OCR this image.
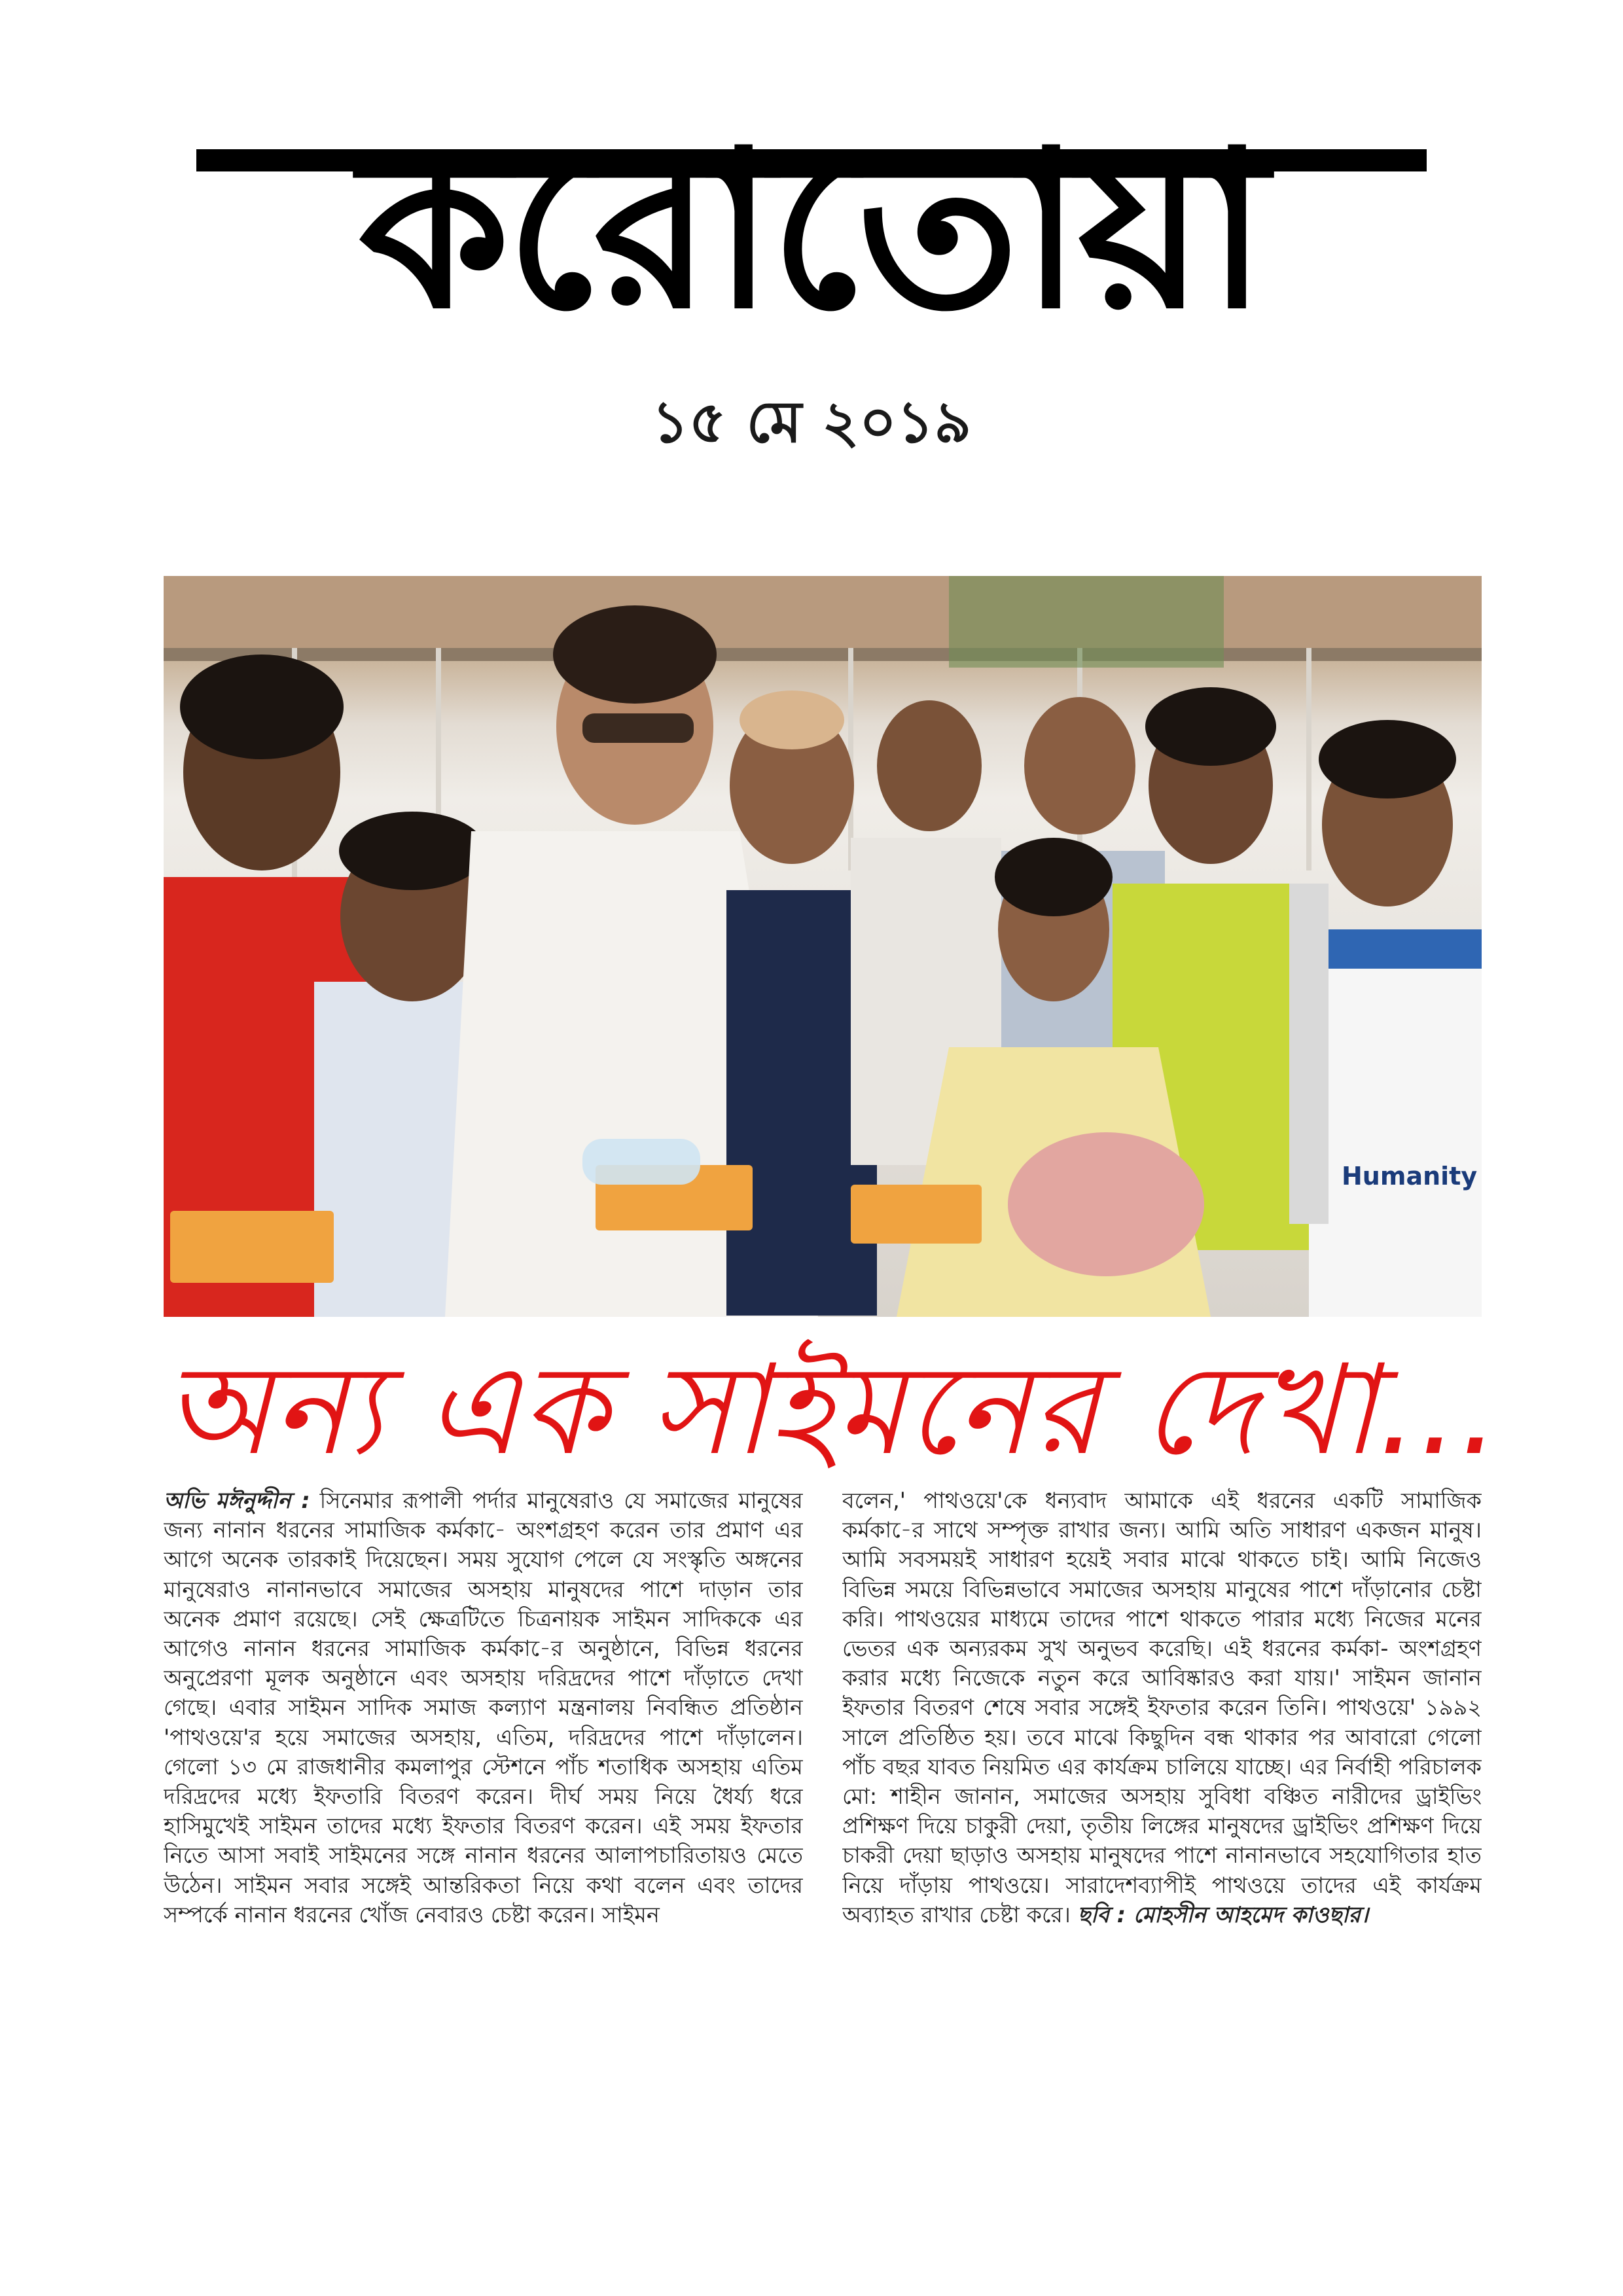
করোতোয়া
১৫ মে ২০১৯
Humanity
অন্য এক সাইমনের দেখা...
অভি মঈনুদ্দীন : সিনেমার রূপালী পর্দার মানুষেরাও যে সমাজের মানুষের জন্য নানান ধরনের সামাজিক কর্মকা-ে অংশগ্রহণ করেন তার প্রমাণ এর আগে অনেক তারকাই দিয়েছেন। সময় সুযোগ পেলে যে সংস্কৃতি অঙ্গনের মানুষেরাও নানানভাবে সমাজের অসহায় মানুষদের পাশে দাড়ান তার অনেক প্রমাণ রয়েছে। সেই ক্ষেত্রটিতে চিত্রনায়ক সাইমন সাদিককে এর আগেও নানান ধরনের সামাজিক কর্মকা-ের অনুষ্ঠানে, বিভিন্ন ধরনের অনুপ্রেরণা মূলক অনুষ্ঠানে এবং অসহায় দরিদ্রদের পাশে দাঁড়াতে দেখা গেছে। এবার সাইমন সাদিক সমাজ কল্যাণ মন্ত্রনালয় নিবন্ধিত প্রতিষ্ঠান 'পাথওয়ে'র হয়ে সমাজের অসহায়, এতিম, দরিদ্রদের পাশে দাঁড়ালেন। গেলো ১৩ মে রাজধানীর কমলাপুর স্টেশনে পাঁচ শতাধিক অসহায় এতিম দরিদ্রদের মধ্যে ইফতারি বিতরণ করেন। দীর্ঘ সময় নিয়ে ধৈর্য্য ধরে হাসিমুখেই সাইমন তাদের মধ্যে ইফতার বিতরণ করেন। এই সময় ইফতার নিতে আসা সবাই সাইমনের সঙ্গে নানান ধরনের আলাপচারিতায়ও মেতে উঠেন। সাইমন সবার সঙ্গেই আন্তরিকতা নিয়ে কথা বলেন এবং তাদের সম্পর্কে নানান ধরনের খোঁজ নেবারও চেষ্টা করেন। সাইমন
বলেন,' পাথওয়ে'কে ধন্যবাদ আমাকে এই ধরনের একটি সামাজিক কর্মকা-ের সাথে সম্পৃক্ত রাখার জন্য। আমি অতি সাধারণ একজন মানুষ। আমি সবসময়ই সাধারণ হয়েই সবার মাঝে থাকতে চাই। আমি নিজেও বিভিন্ন সময়ে বিভিন্নভাবে সমাজের অসহায় মানুষের পাশে দাঁড়ানোর চেষ্টা করি। পাথওয়ের মাধ্যমে তাদের পাশে থাকতে পারার মধ্যে নিজের মনের ভেতর এক অন্যরকম সুখ অনুভব করেছি। এই ধরনের কর্মকা- অংশগ্রহণ করার মধ্যে নিজেকে নতুন করে আবিষ্কারও করা যায়।' সাইমন জানান ইফতার বিতরণ শেষে সবার সঙ্গেই ইফতার করেন তিনি। পাথওয়ে' ১৯৯২ সালে প্রতিষ্ঠিত হয়। তবে মাঝে কিছুদিন বন্ধ থাকার পর আবারো গেলো পাঁচ বছর যাবত নিয়মিত এর কার্যক্রম চালিয়ে যাচ্ছে। এর নির্বাহী পরিচালক মো: শাহীন জানান, সমাজের অসহায় সুবিধা বঞ্চিত নারীদের ড্রাইভিং প্রশিক্ষণ দিয়ে চাকুরী দেয়া, তৃতীয় লিঙ্গের মানুষদের ড্রাইভিং প্রশিক্ষণ দিয়ে চাকরী দেয়া ছাড়াও অসহায় মানুষদের পাশে নানানভাবে সহযোগিতার হাত নিয়ে দাঁড়ায় পাথওয়ে। সারাদেশব্যাপীই পাথওয়ে তাদের এই কার্যক্রম অব্যাহত রাখার চেষ্টা করে। ছবি : মোহসীন আহমেদ কাওছার।
